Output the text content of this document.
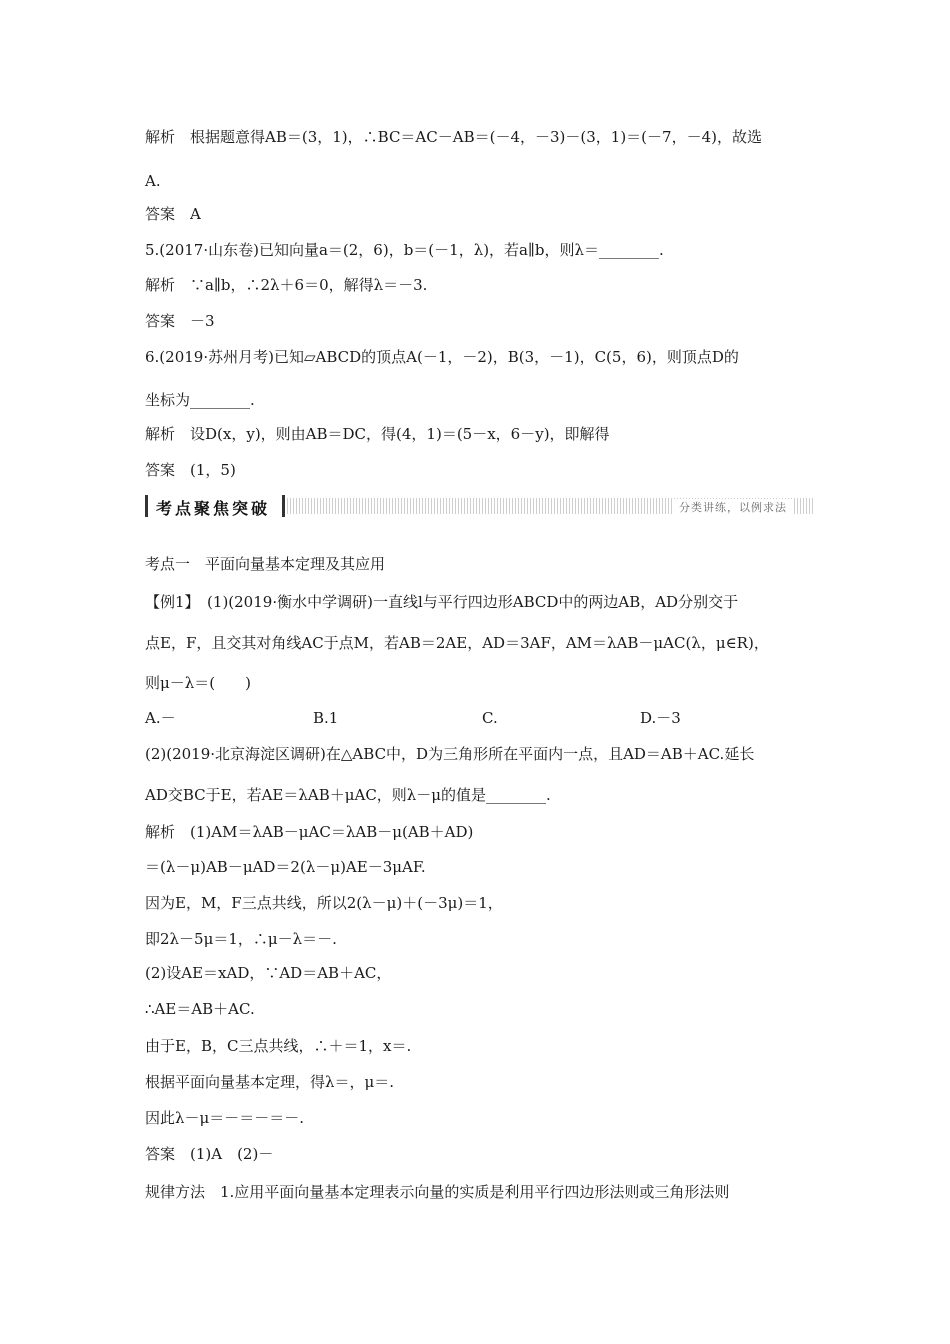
解析　根据题意得AB＝(3，1)，∴BC＝AC－AB＝(－4，－3)－(3，1)＝(－7，－4)，故选
A.
答案　A
5.(2017·山东卷)已知向量a＝(2，6)，b＝(－1，λ)，若a∥b，则λ＝________.
解析　∵a∥b，∴2λ＋6＝0，解得λ＝－3.
答案　－3
6.(2019·苏州月考)已知▱ABCD的顶点A(－1，－2)，B(3，－1)，C(5，6)，则顶点D的
坐标为________.
解析　设D(x，y)，则由AB＝DC，得(4，1)＝(5－x，6－y)，即解得
答案　(1，5)
考点聚焦突破	分类讲练，以例求法
考点一　平面向量基本定理及其应用
【例1】　(1)(2019·衡水中学调研)一直线l与平行四边形ABCD中的两边AB，AD分别交于
点E，F，且交其对角线AC于点M，若AB＝2AE，AD＝3AF，AM＝λAB－μAC(λ，μ∈R)，
则μ－λ＝(　　)
A.－	B.1	C.	D.－3
(2)(2019·北京海淀区调研)在△ABC中，D为三角形所在平面内一点，且AD＝AB＋AC.延长
AD交BC于E，若AE＝λAB＋μAC，则λ－μ的值是________.
解析　(1)AM＝λAB－μAC＝λAB－μ(AB＋AD)
＝(λ－μ)AB－μAD＝2(λ－μ)AE－3μAF.
因为E，M，F三点共线，所以2(λ－μ)＋(－3μ)＝1，
即2λ－5μ＝1，∴μ－λ＝－.
(2)设AE＝xAD，∵AD＝AB＋AC，
∴AE＝AB＋AC.
由于E，B，C三点共线，∴＋＝1，x＝.
根据平面向量基本定理，得λ＝，μ＝.
因此λ－μ＝－＝－＝－.
答案　(1)A　(2)－
规律方法　1.应用平面向量基本定理表示向量的实质是利用平行四边形法则或三角形法则
